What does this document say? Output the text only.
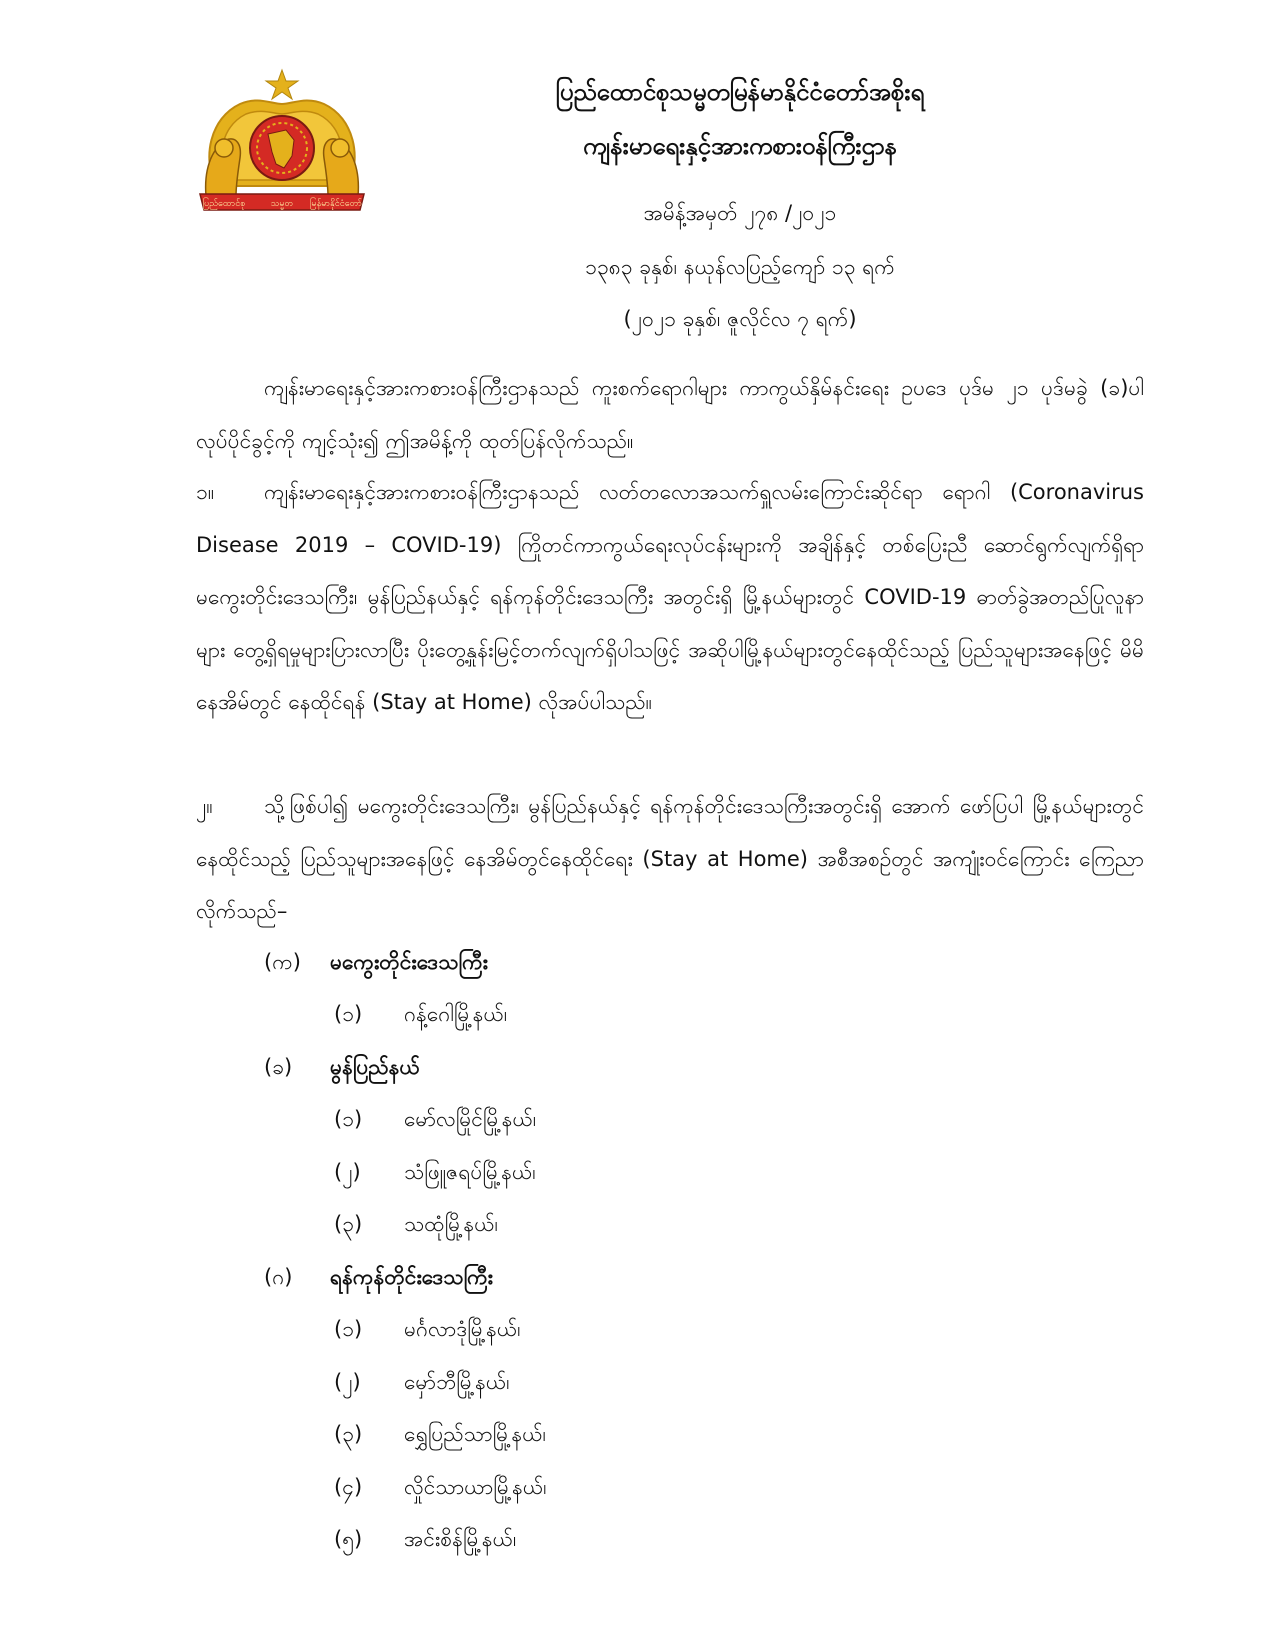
ပြည်ထောင်စု	သမ္မတ မြန်မာနိုင်ငံတော်
ပြည်ထောင်စုသမ္မတမြန်မာနိုင်ငံတော်အစိုးရ
ကျန်းမာရေးနှင့်အားကစားဝန်ကြီးဌာန
အမိန့်အမှတ် ၂၇၈ /၂၀၂၁
၁၃၈၃ ခုနှစ်၊ နယုန်လပြည့်ကျော် ၁၃ ရက်
(၂၀၂၁ ခုနှစ်၊ ဇူလိုင်လ ၇ ရက်)
ကျန်းမာရေးနှင့်အားကစားဝန်ကြီးဌာနသည် ကူးစက်ရောဂါများ ကာကွယ်နှိမ်နင်းရေး ဥပဒေ ပုဒ်မ ၂၁ ပုဒ်မခွဲ (ခ)ပါ လုပ်ပိုင်ခွင့်ကို ကျင့်သုံး၍ ဤအမိန့်ကို ထုတ်ပြန်လိုက်သည်။
၁။ ကျန်းမာရေးနှင့်အားကစားဝန်ကြီးဌာနသည် လတ်တလောအသက်ရှူလမ်းကြောင်းဆိုင်ရာ ရောဂါ (Coronavirus Disease 2019 – COVID-19) ကြိုတင်ကာကွယ်ရေးလုပ်ငန်းများကို အချိန်နှင့် တစ်ပြေးညီ ဆောင်ရွက်လျက်ရှိရာ မကွေးတိုင်းဒေသကြီး၊ မွန်ပြည်နယ်နှင့် ရန်ကုန်တိုင်းဒေသကြီး အတွင်းရှိ မြို့နယ်များတွင် COVID-19 ဓာတ်ခွဲအတည်ပြုလူနာများ တွေ့ရှိရမှုများပြားလာပြီး ပိုးတွေ့နှုန်းမြင့်တက်လျက်ရှိပါသဖြင့် အဆိုပါမြို့နယ်များတွင်နေထိုင်သည့် ပြည်သူများအနေဖြင့် မိမိ နေအိမ်တွင် နေထိုင်ရန် (Stay at Home) လိုအပ်ပါသည်။
၂။ သို့ဖြစ်ပါ၍ မကွေးတိုင်းဒေသကြီး၊ မွန်ပြည်နယ်နှင့် ရန်ကုန်တိုင်းဒေသကြီးအတွင်းရှိ အောက် ဖော်ပြပါ မြို့နယ်များတွင်နေထိုင်သည့် ပြည်သူများအနေဖြင့် နေအိမ်တွင်နေထိုင်ရေး (Stay at Home) အစီအစဉ်တွင် အကျုံးဝင်ကြောင်း ကြေညာလိုက်သည်–
(က)	မကွေးတိုင်းဒေသကြီး
(၁)	ဂန့်ဂေါမြို့နယ်၊
(ခ)	မွန်ပြည်နယ်
(၁)	မော်လမြိုင်မြို့နယ်၊
(၂)	သံဖြူဇရပ်မြို့နယ်၊
(၃)	သထုံမြို့နယ်၊
(ဂ)	ရန်ကုန်တိုင်းဒေသကြီး
(၁)	မင်္ဂလာဒုံမြို့နယ်၊
(၂)	မှော်ဘီမြို့နယ်၊
(၃)	ရွှေပြည်သာမြို့နယ်၊
(၄)	လှိုင်သာယာမြို့နယ်၊
(၅)	အင်းစိန်မြို့နယ်၊
